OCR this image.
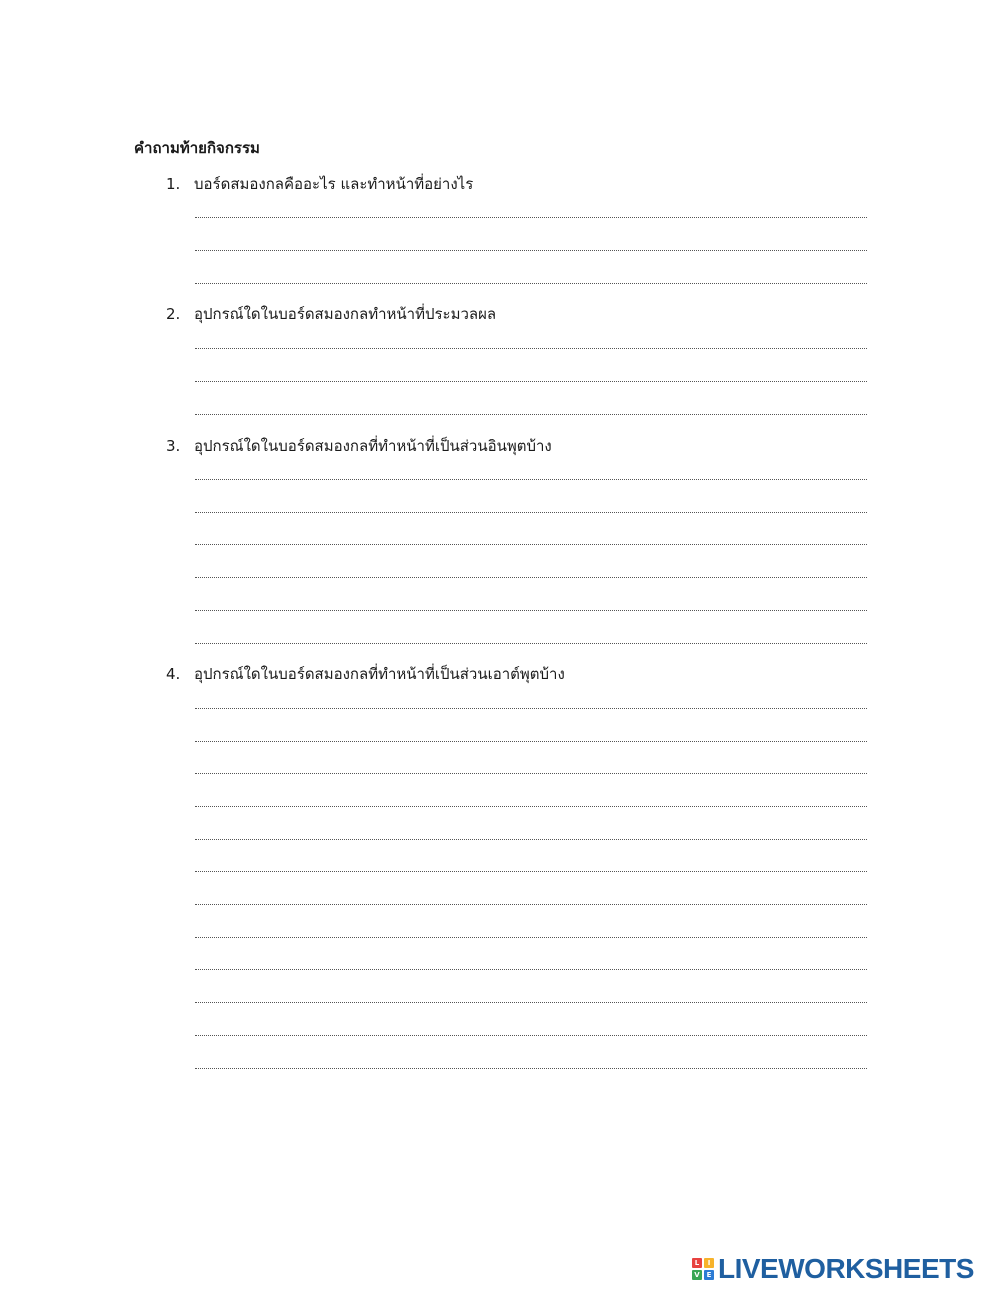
คำถามท้ายกิจกรรม
1. บอร์ดสมองกลคืออะไร และทำหน้าที่อย่างไร
2. อุปกรณ์ใดในบอร์ดสมองกลทำหน้าที่ประมวลผล
3. อุปกรณ์ใดในบอร์ดสมองกลที่ทำหน้าที่เป็นส่วนอินพุตบ้าง
4. อุปกรณ์ใดในบอร์ดสมองกลที่ทำหน้าที่เป็นส่วนเอาต์พุตบ้าง
L	I
V E LIVEWORKSHEETS
